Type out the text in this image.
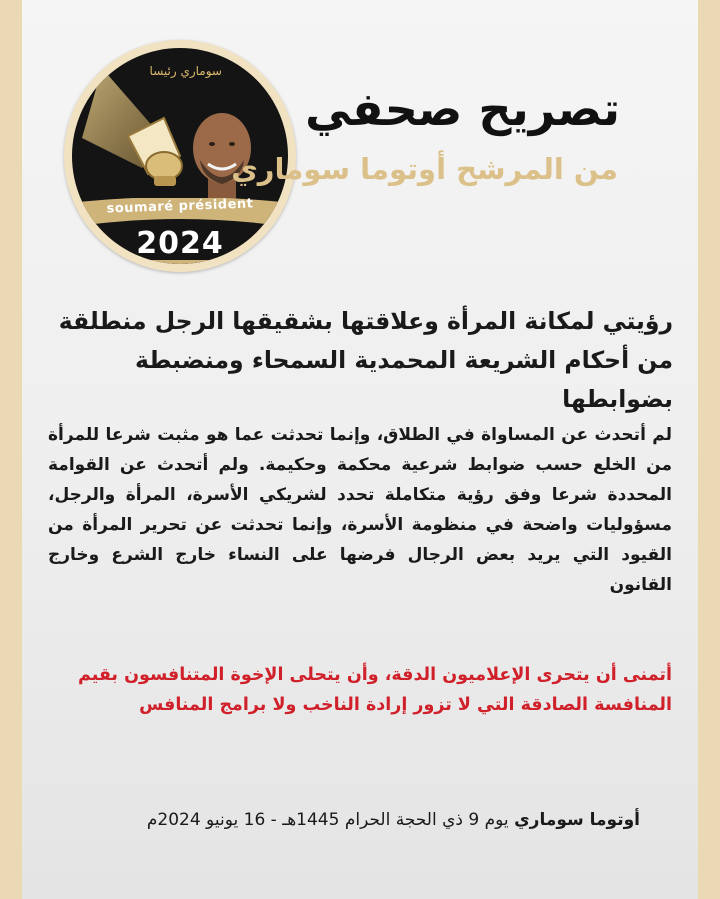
سوماري رئيسا
soumaré président
2024
تصريح صحفي
من المرشح أوتوما سوماري
رؤيتي لمكانة المرأة وعلاقتها بشقيقها الرجل منطلقة من أحكام الشريعة المحمدية السمحاء ومنضبطة بضوابطها
لم أتحدث عن المساواة في الطلاق، وإنما تحدثت عما هو مثبت شرعا للمرأة من الخلع حسب ضوابط شرعية محكمة وحكيمة. ولم أتحدث عن القوامة المحددة شرعا وفق رؤية متكاملة تحدد لشريكي الأسرة، المرأة والرجل، مسؤوليات واضحة في منظومة الأسرة، وإنما تحدثت عن تحرير المرأة من القيود التي يريد بعض الرجال فرضها على النساء خارج الشرع وخارج القانون
أتمنى أن يتحرى الإعلاميون الدقة، وأن يتحلى الإخوة المتنافسون بقيم المنافسة الصادقة التي لا تزور إرادة الناخب ولا برامج المنافس
أوتوما سوماري يوم 9 ذي الحجة الحرام 1445هـ - 16 يونيو 2024م
